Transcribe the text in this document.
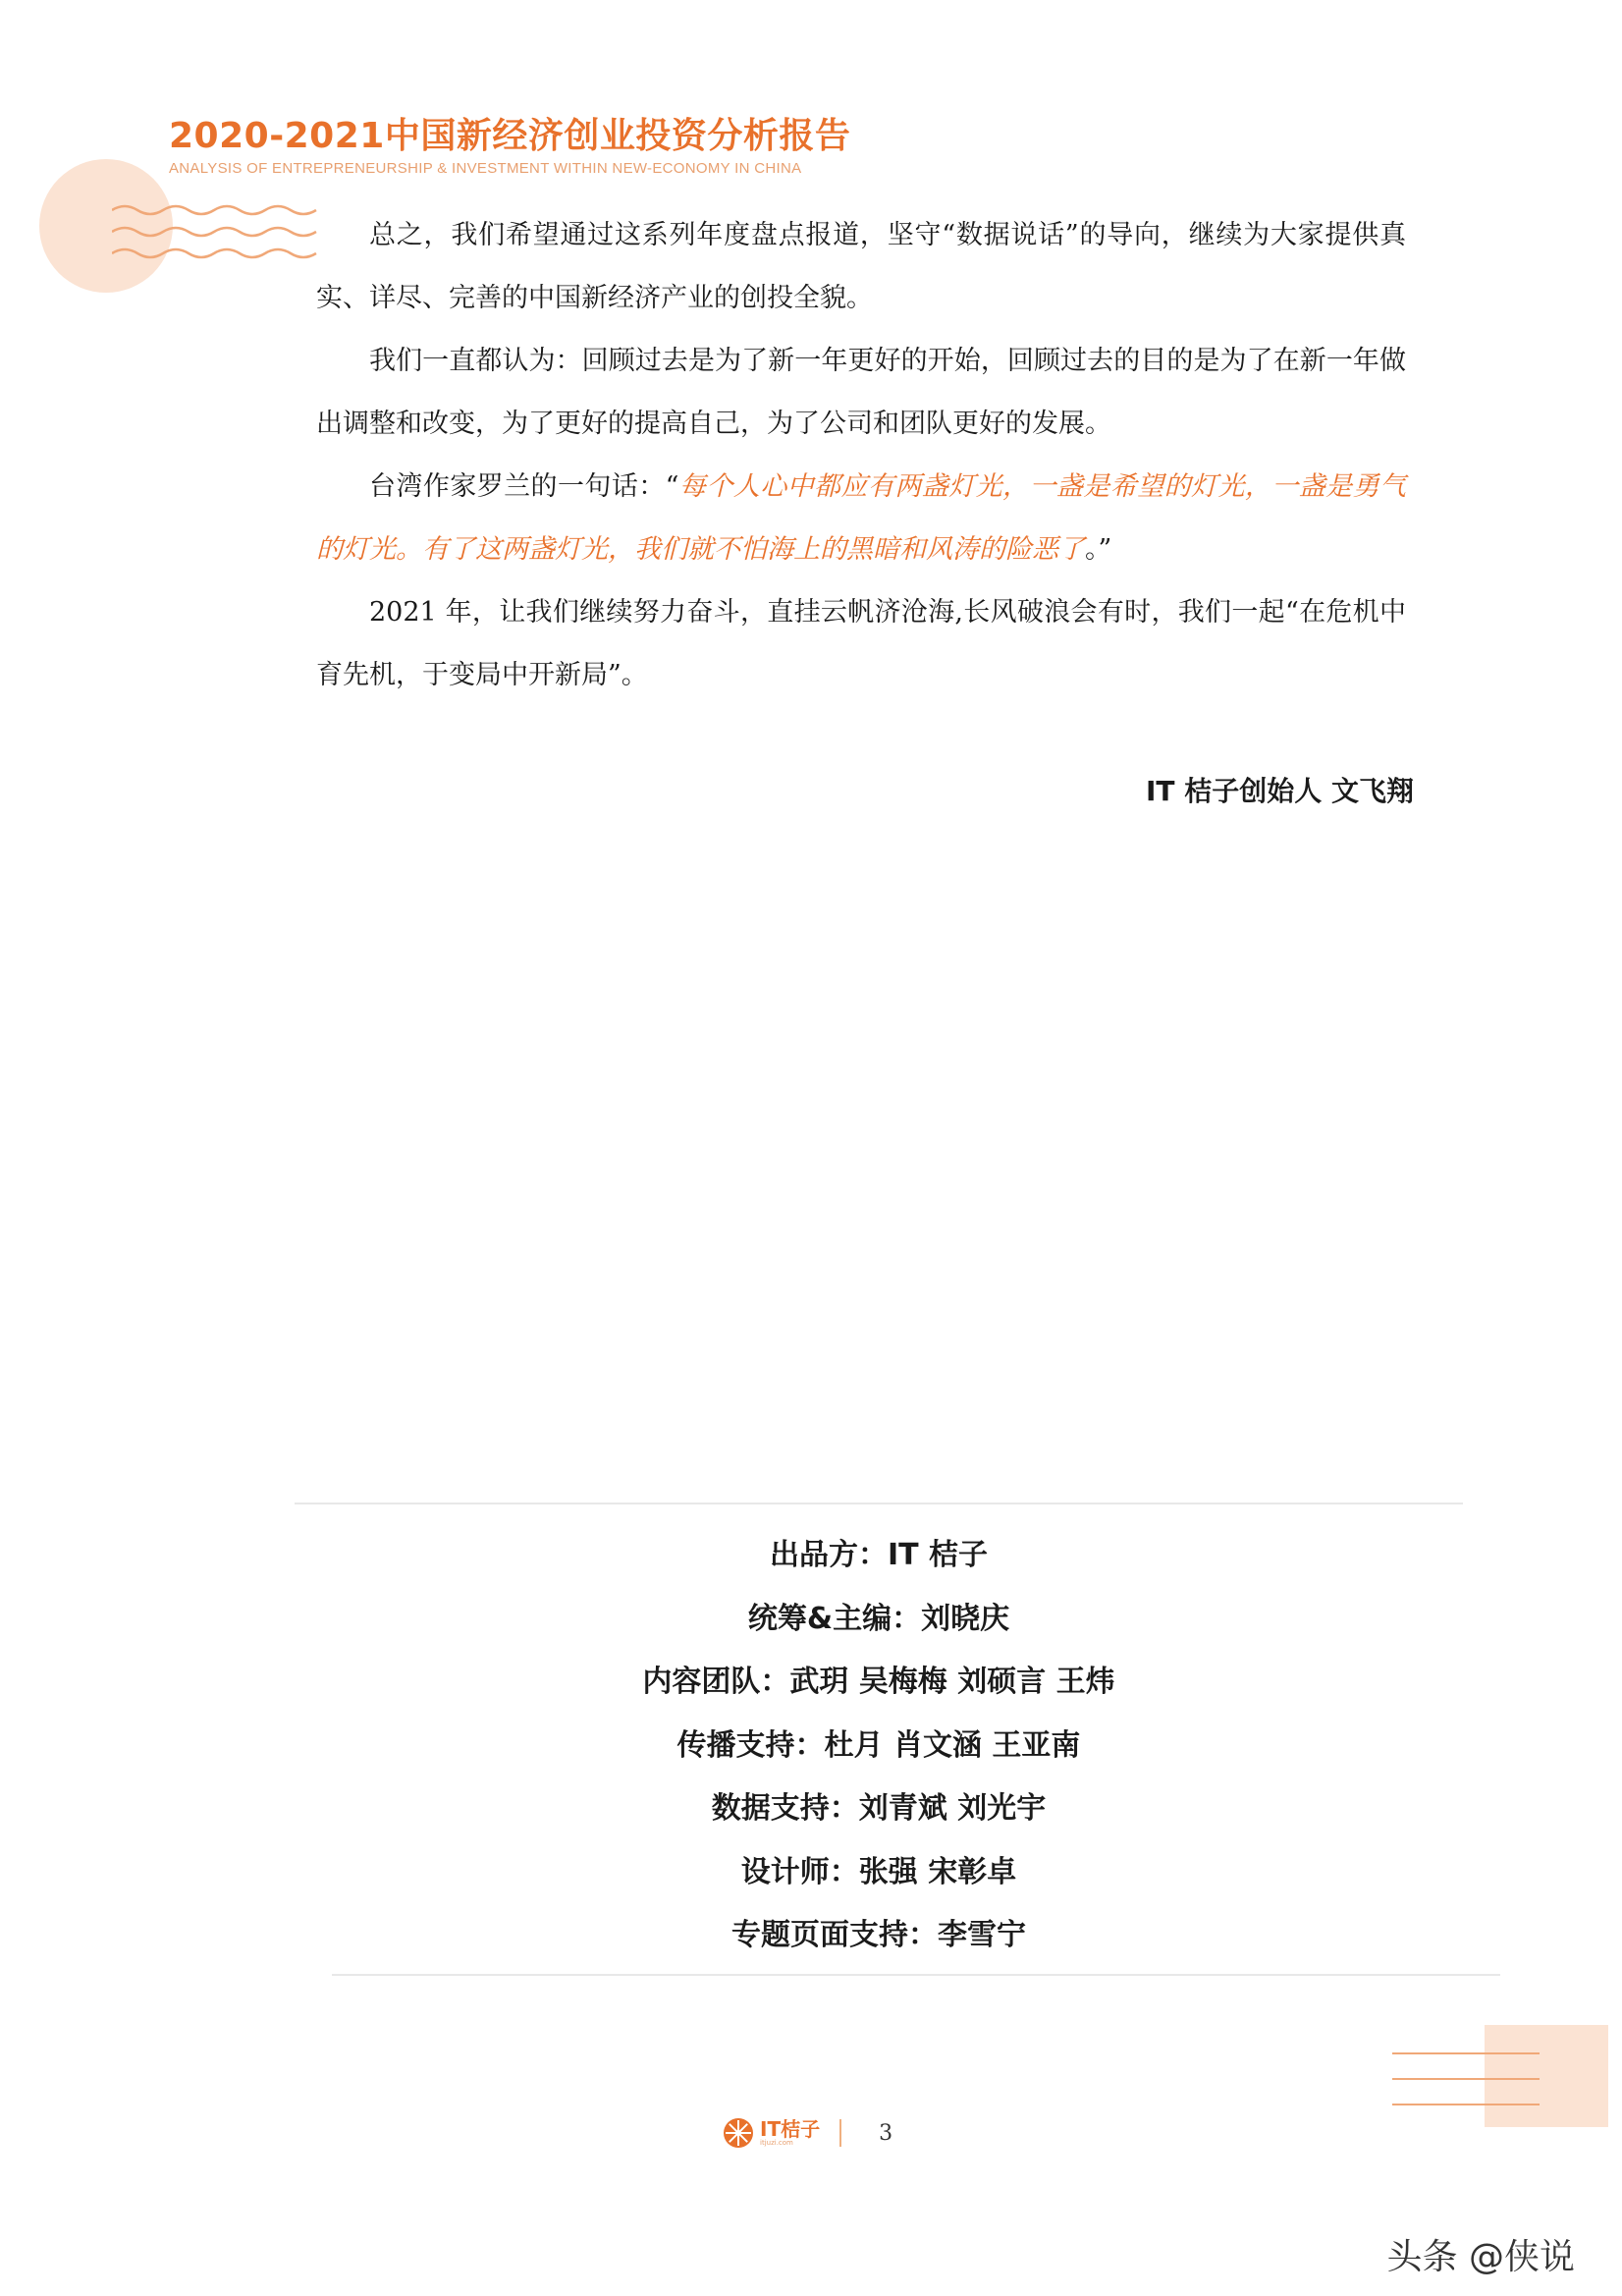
2020-2021中国新经济创业投资分析报告
ANALYSIS OF ENTREPRENEURSHIP & INVESTMENT WITHIN NEW-ECONOMY IN CHINA

总之，我们希望通过这系列年度盘点报道，坚守“数据说话”的导向，继续为大家提供真实、详尽、完善的中国新经济产业的创投全貌。

我们一直都认为：回顾过去是为了新一年更好的开始，回顾过去的目的是为了在新一年做出调整和改变，为了更好的提高自己，为了公司和团队更好的发展。

台湾作家罗兰的一句话：“每个人心中都应有两盏灯光，一盏是希望的灯光，一盏是勇气的灯光。有了这两盏灯光，我们就不怕海上的黑暗和风涛的险恶了。”

2021 年，让我们继续努力奋斗，直挂云帆济沧海,长风破浪会有时，我们一起“在危机中育先机，于变局中开新局”。

IT 桔子创始人 文飞翔
出品方：IT 桔子
统筹&主编：刘晓庆
内容团队：武玥 吴梅梅 刘硕言 王炜
传播支持：杜月 肖文涵 王亚南
数据支持：刘青斌 刘光宇
设计师：张强 宋彰卓
专题页面支持：李雪宁
IT桔子
itjuzi.com	3
头条 @侠说
